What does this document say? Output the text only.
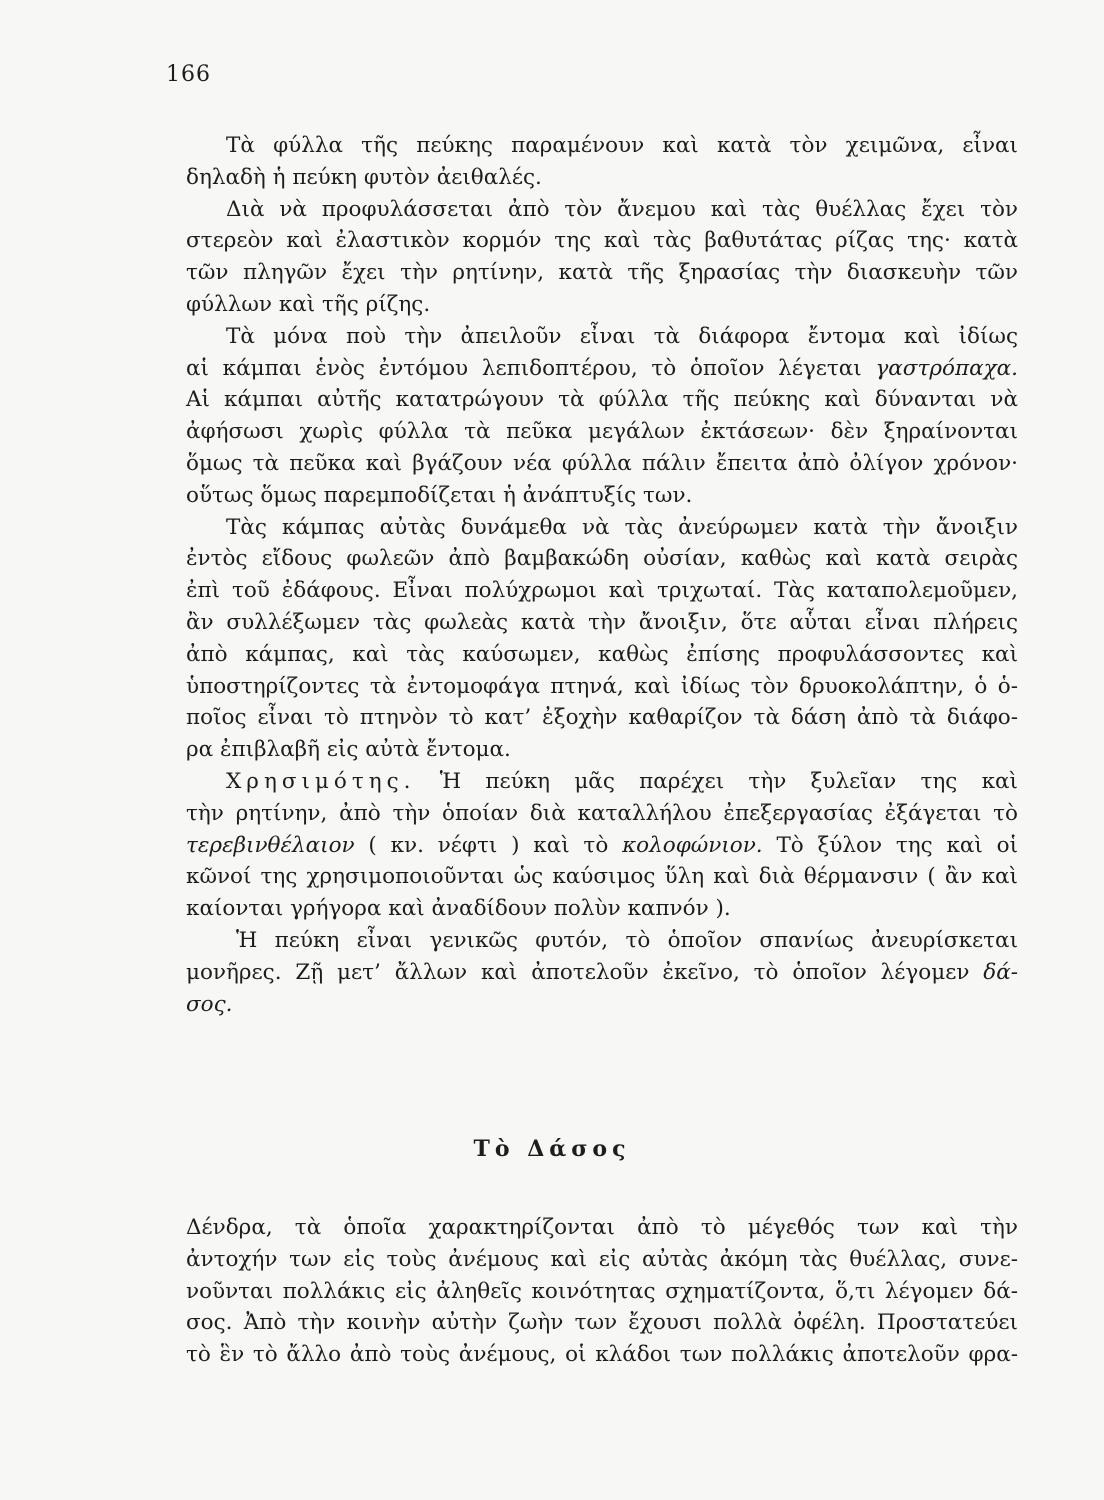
166
Τὰ φύλλα τῆς πεύκης παραμένουν καὶ κατὰ τὸν χειμῶνα, εἶναι
δηλαδὴ ἡ πεύκη φυτὸν ἀειθαλές.
Διὰ νὰ προφυλάσσεται ἀπὸ τὸν ἄνεμου καὶ τὰς θυέλλας ἔχει τὸν
στερεὸν καὶ ἐλαστικὸν κορμόν της καὶ τὰς βαθυτάτας ρίζας της· κατὰ
τῶν πληγῶν ἔχει τὴν ρητίνην, κατὰ τῆς ξηρασίας τὴν διασκευὴν τῶν
φύλλων καὶ τῆς ρίζης.
Τὰ μόνα ποὺ τὴν ἀπειλοῦν εἶναι τὰ διάφορα ἔντομα καὶ ἰδίως
αἱ κάμπαι ἑνὸς ἐντόμου λεπιδοπτέρου, τὸ ὁποῖον λέγεται γαστρόπαχα.
Αἱ κάμπαι αὐτῆς κατατρώγουν τὰ φύλλα τῆς πεύκης καὶ δύνανται νὰ
ἀφήσωσι χωρὶς φύλλα τὰ πεῦκα μεγάλων ἐκτάσεων· δὲν ξηραίνονται
ὅμως τὰ πεῦκα καὶ βγάζουν νέα φύλλα πάλιν ἔπειτα ἀπὸ ὀλίγον χρόνον·
οὕτως ὅμως παρεμποδίζεται ἡ ἀνάπτυξίς των.
Τὰς κάμπας αὐτὰς δυνάμεθα νὰ τὰς ἀνεύρωμεν κατὰ τὴν ἄνοιξιν
ἐντὸς εἴδους φωλεῶν ἀπὸ βαμβακώδη οὐσίαν, καθὼς καὶ κατὰ σειρὰς
ἐπὶ τοῦ ἐδάφους. Εἶναι πολύχρωμοι καὶ τριχωταί. Τὰς καταπολεμοῦμεν,
ἂν συλλέξωμεν τὰς φωλεὰς κατὰ τὴν ἄνοιξιν, ὅτε αὗται εἶναι πλήρεις
ἀπὸ κάμπας, καὶ τὰς καύσωμεν, καθὼς ἐπίσης προφυλάσσοντες καὶ
ὑποστηρίζοντες τὰ ἐντομοφάγα πτηνά, καὶ ἰδίως τὸν δρυοκολάπτην, ὁ ὁ-
ποῖος εἶναι τὸ πτηνὸν τὸ κατ’ ἐξοχὴν καθαρίζον τὰ δάση ἀπὸ τὰ διάφο-
ρα ἐπιβλαβῆ εἰς αὐτὰ ἔντομα.
Χρησιμότης. Ἡ πεύκη μᾶς παρέχει τὴν ξυλεῖαν της καὶ
τὴν ρητίνην, ἀπὸ τὴν ὁποίαν διὰ καταλλήλου ἐπεξεργασίας ἐξάγεται τὸ
τερεβινθέλαιον ( κν. νέφτι ) καὶ τὸ κολοφώνιον. Τὸ ξύλον της καὶ οἱ
κῶνοί της χρησιμοποιοῦνται ὡς καύσιμος ὕλη καὶ διὰ θέρμανσιν ( ἂν καὶ
καίονται γρήγορα καὶ ἀναδίδουν πολὺν καπνόν ).
Ἡ πεύκη εἶναι γενικῶς φυτόν, τὸ ὁποῖον σπανίως ἀνευρίσκεται
μονῆρες. Ζῇ μετ’ ἄλλων καὶ ἀποτελοῦν ἐκεῖνο, τὸ ὁποῖον λέγομεν δά-
σος.
Τὸ Δάσος
Δένδρα, τὰ ὁποῖα χαρακτηρίζονται ἀπὸ τὸ μέγεθός των καὶ τὴν
ἀντοχήν των εἰς τοὺς ἀνέμους καὶ εἰς αὐτὰς ἀκόμη τὰς θυέλλας, συνε-
νοῦνται πολλάκις εἰς ἀληθεῖς κοινότητας σχηματίζοντα, ὅ,τι λέγομεν δά-
σος. Ἀπὸ τὴν κοινὴν αὐτὴν ζωὴν των ἔχουσι πολλὰ ὀφέλη. Προστατεύει
τὸ ἓν τὸ ἄλλο ἀπὸ τοὺς ἀνέμους, οἱ κλάδοι των πολλάκις ἀποτελοῦν φρα-
